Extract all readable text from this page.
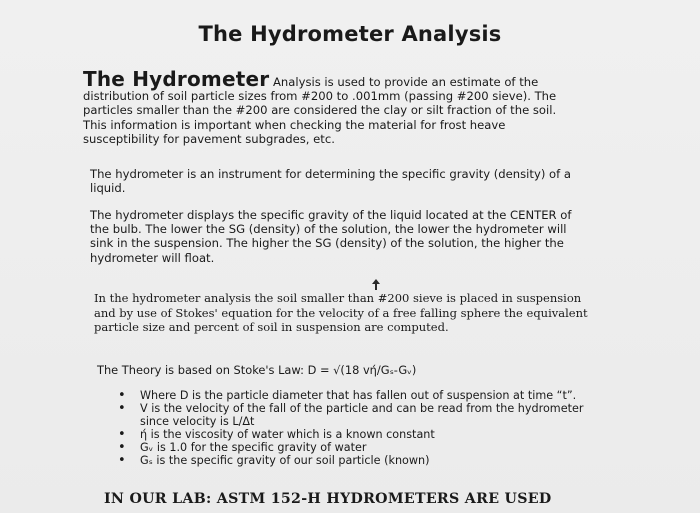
The Hydrometer Analysis
The Hydrometer Analysis is used to provide an estimate of the distribution of soil particle sizes from #200 to .001mm (passing #200 sieve). The particles smaller than the #200 are considered the clay or silt fraction of the soil. This information is important when checking the material for frost heave susceptibility for pavement subgrades, etc.
The hydrometer is an instrument for determining the specific gravity (density) of a liquid.
The hydrometer displays the specific gravity of the liquid located at the CENTER of the bulb. The lower the SG (density) of the solution, the lower the hydrometer will sink in the suspension. The higher the SG (density) of the solution, the higher the hydrometer will float.
In the hydrometer analysis the soil smaller than #200 sieve is placed in suspension and by use of Stokes' equation for the velocity of a free falling sphere the equivalent particle size and percent of soil in suspension are computed.
The Theory is based on Stoke's Law: D = √(18 vή/Gₛ-Gᵥ)
• Where D is the particle diameter that has fallen out of suspension at time “t”.
• V is the velocity of the fall of the particle and can be read from the hydrometer since velocity is L/Δt
• ή is the viscosity of water which is a known constant
• Gᵥ is 1.0 for the specific gravity of water
• Gₛ is the specific gravity of our soil particle (known)
IN OUR LAB: ASTM 152-H HYDROMETERS ARE USED
